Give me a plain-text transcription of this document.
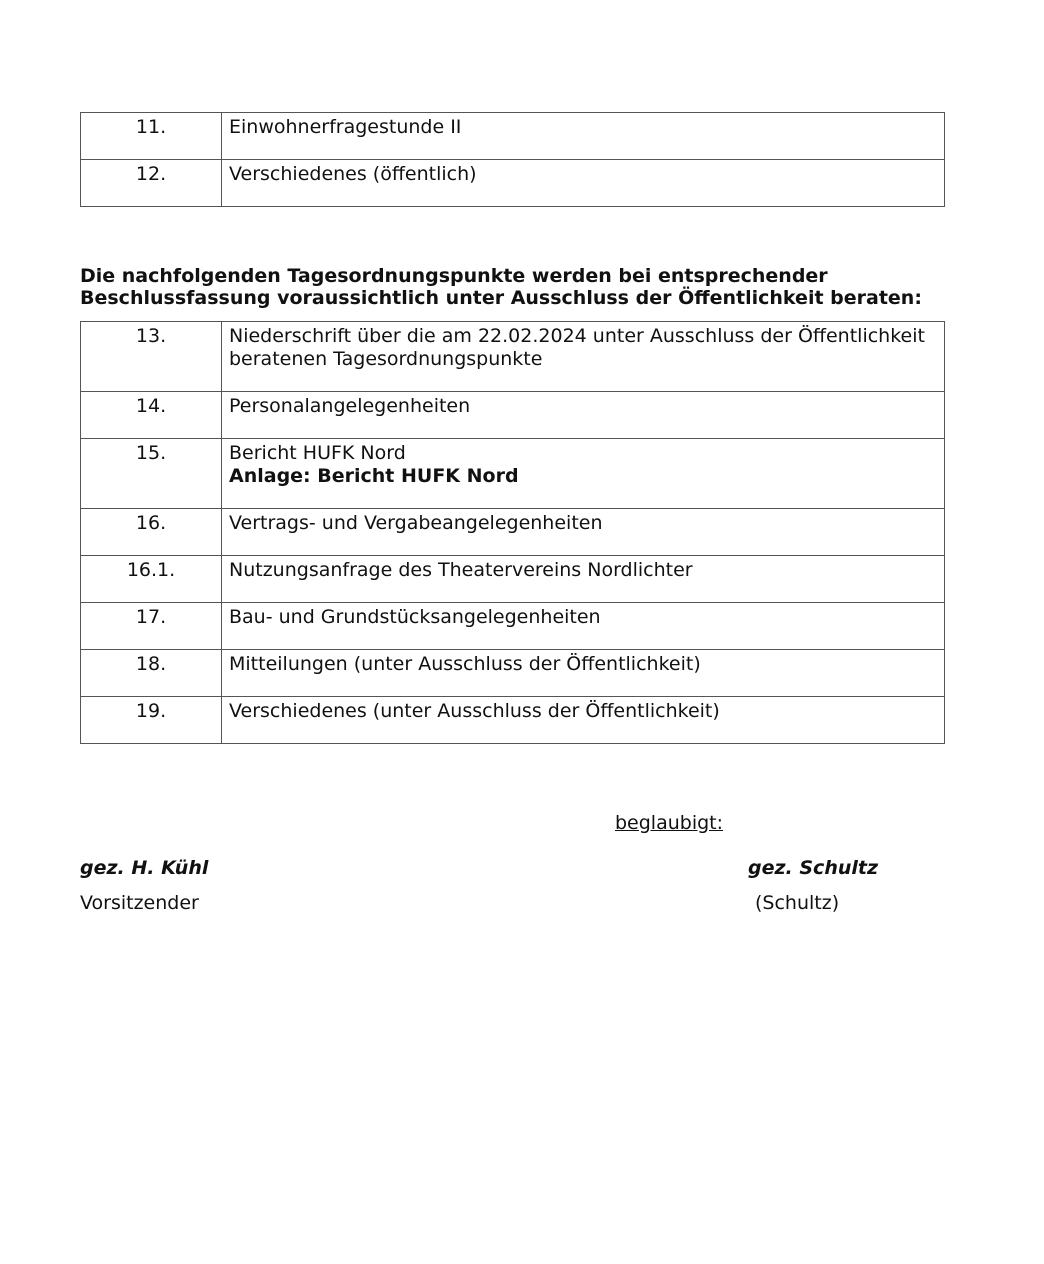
11.	Einwohnerfragestunde II

12.	Verschiedenes (öffentlich)

Die nachfolgenden Tagesordnungspunkte werden bei entsprechender
Beschlussfassung voraussichtlich unter Ausschluss der Öffentlichkeit beraten:

13.	Niederschrift über die am 22.02.2024 unter Ausschluss der Öffentlichkeit
beratenen Tagesordnungspunkte

14.	Personalangelegenheiten

15.	Bericht HUFK Nord
Anlage: Bericht HUFK Nord

16.	Vertrags- und Vergabeangelegenheiten

16.1.	Nutzungsanfrage des Theatervereins Nordlichter

17.	Bau- und Grundstücksangelegenheiten

18.	Mitteilungen (unter Ausschluss der Öffentlichkeit)

19.	Verschiedenes (unter Ausschluss der Öffentlichkeit)
beglaubigt:
gez. H. Kühl
Vorsitzender
gez. Schultz
(Schultz)
